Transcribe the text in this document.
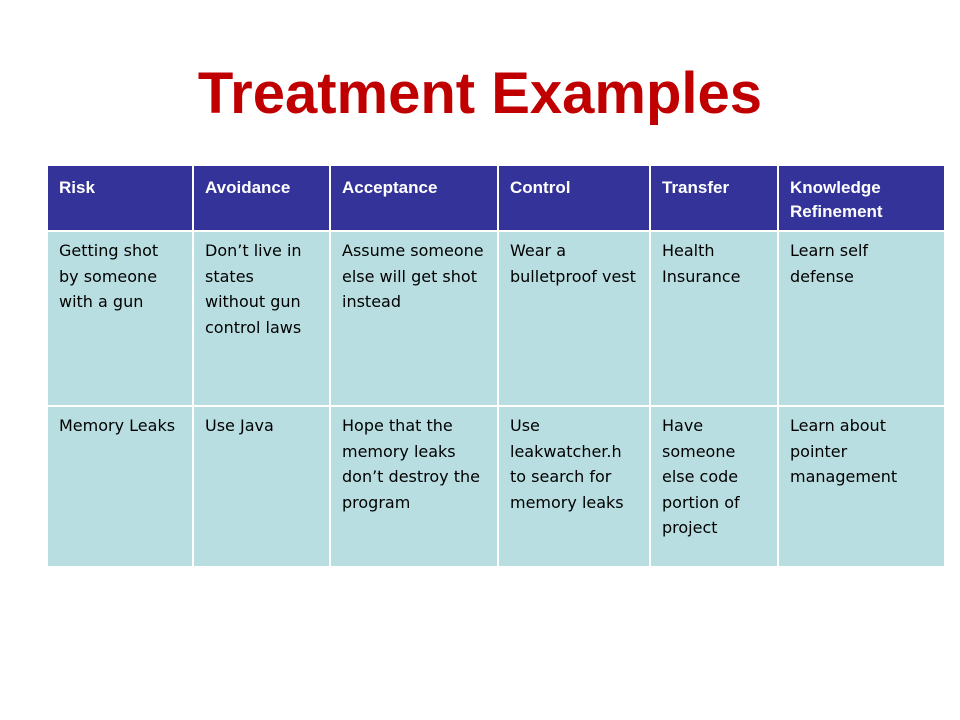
Treatment Examples
Risk	Avoidance	Acceptance	Control	Transfer	Knowledge Refinement
Getting shot by someone with a gun	Don’t live in states without gun control laws	Assume someone else will get shot instead	Wear a bulletproof vest	Health Insurance	Learn self defense
Memory Leaks	Use Java	Hope that the memory leaks don’t destroy the program	Use leakwatcher.h to search for memory leaks	Have someone else code portion of project	Learn about pointer management
